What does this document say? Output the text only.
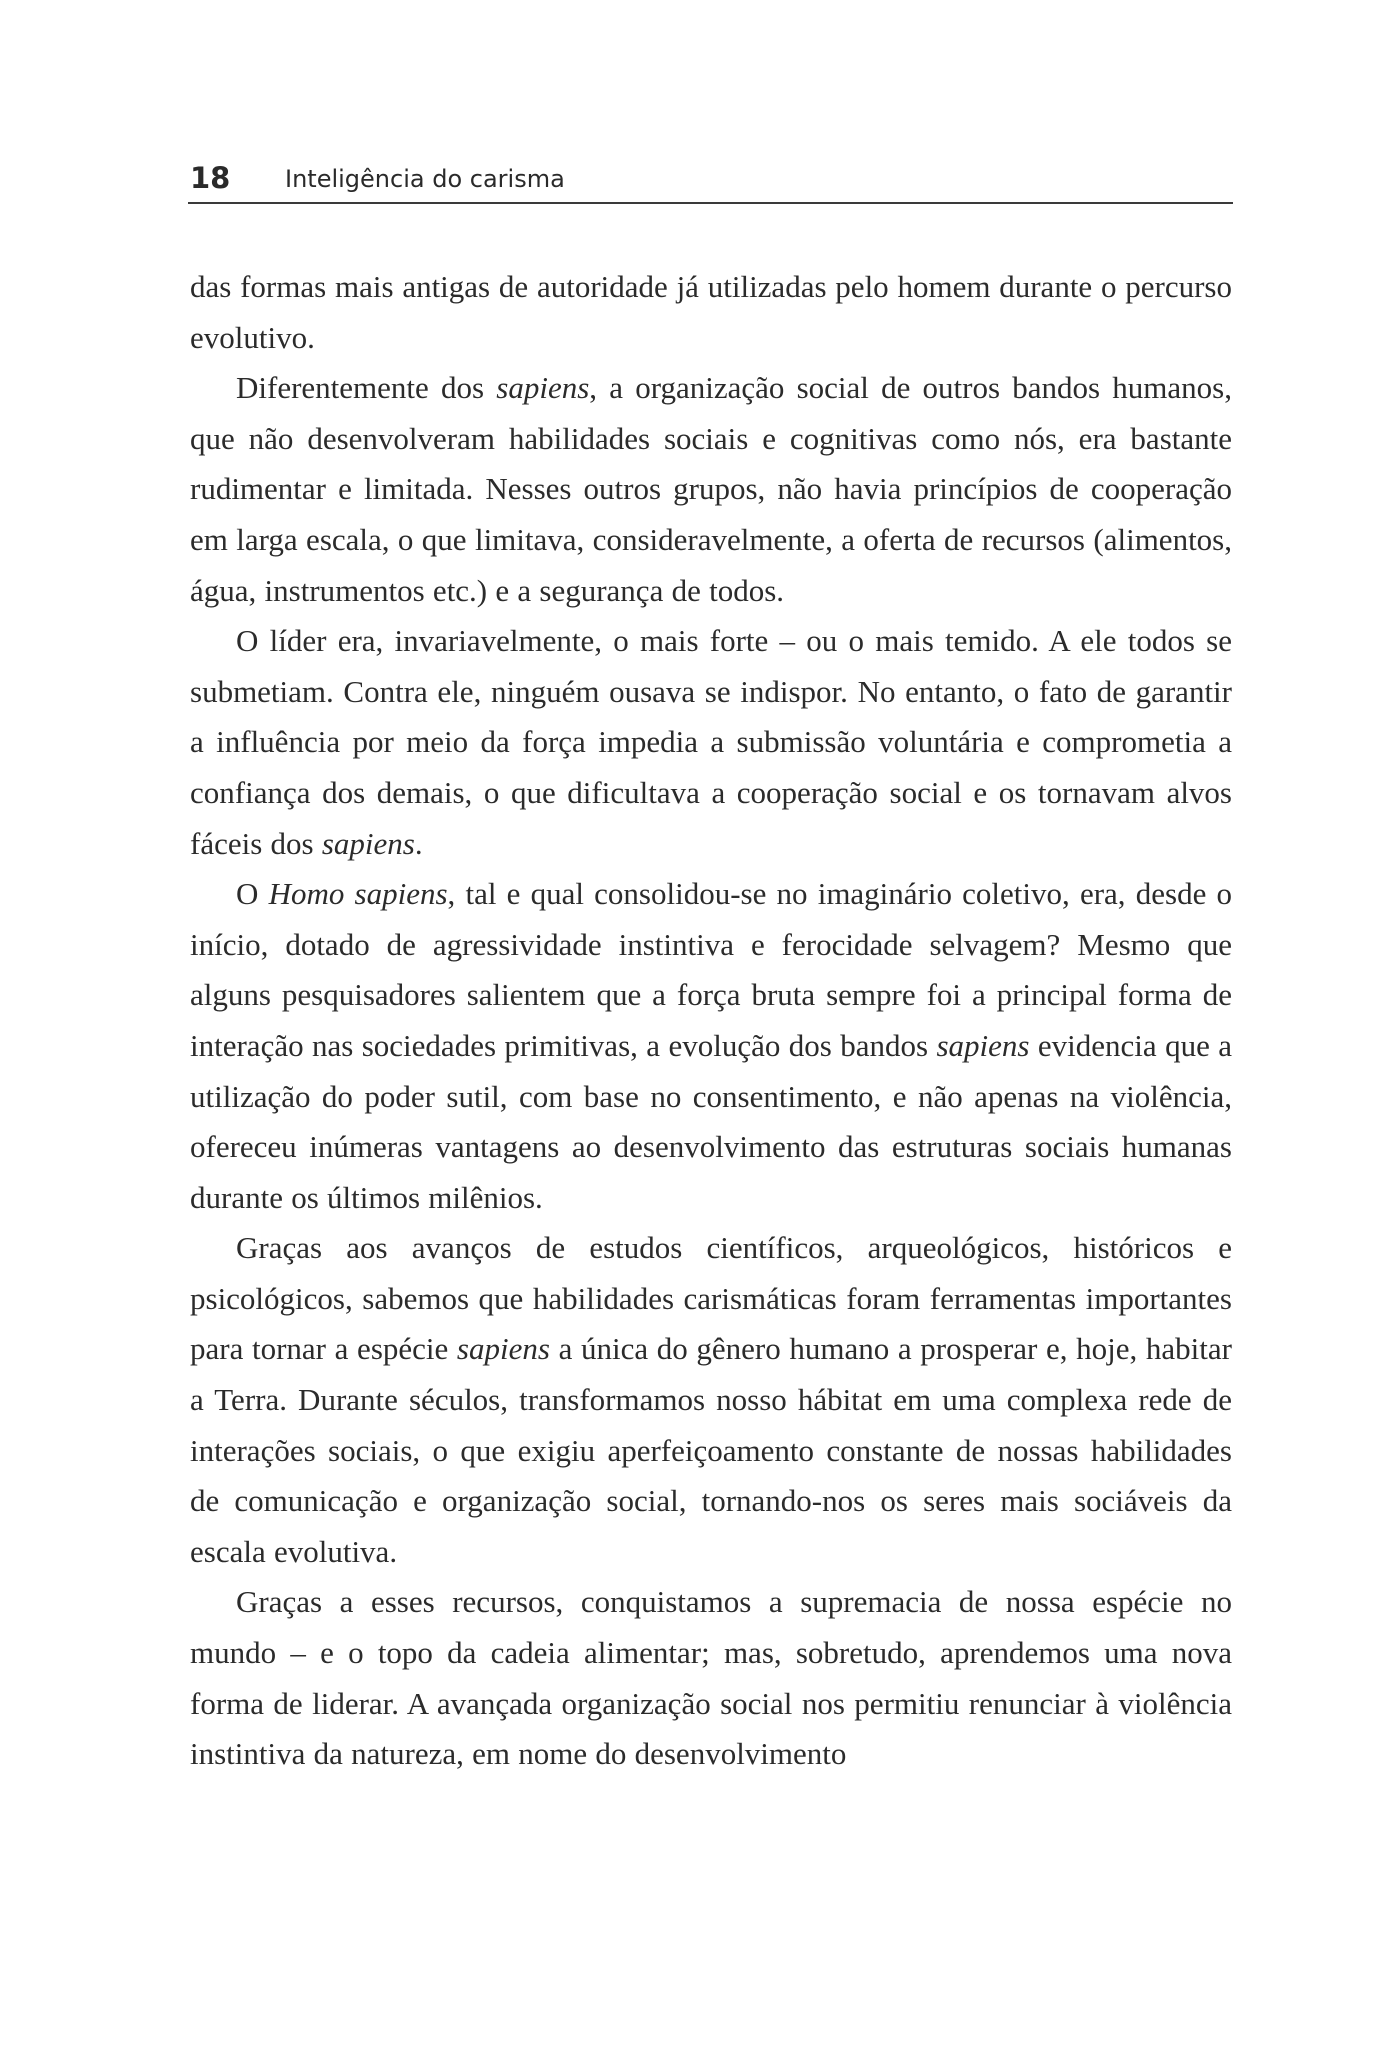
18 Inteligência do carisma

das formas mais antigas de autoridade já utilizadas pelo homem durante o percurso evolutivo.

Diferentemente dos sapiens, a organização social de outros bandos humanos, que não desenvolveram habilidades sociais e cognitivas como nós, era bastante rudimentar e limitada. Nesses outros grupos, não havia princípios de cooperação em larga escala, o que limitava, consideravelmente, a oferta de recursos (alimentos, água, instrumentos etc.) e a segurança de todos.

O líder era, invariavelmente, o mais forte – ou o mais temido. A ele todos se submetiam. Contra ele, ninguém ousava se indispor. No entanto, o fato de garantir a influência por meio da força impedia a submissão voluntária e comprometia a confiança dos demais, o que dificultava a cooperação social e os tornavam alvos fáceis dos sapiens.

O Homo sapiens, tal e qual consolidou-se no imaginário coletivo, era, desde o início, dotado de agressividade instintiva e ferocidade selvagem? Mesmo que alguns pesquisadores salientem que a força bruta sempre foi a principal forma de interação nas sociedades primitivas, a evolução dos bandos sapiens evidencia que a utilização do poder sutil, com base no consentimento, e não apenas na violência, ofereceu inúmeras vantagens ao desenvolvimento das estruturas sociais humanas durante os últimos milênios.

Graças aos avanços de estudos científicos, arqueológicos, históricos e psicológicos, sabemos que habilidades carismáticas foram ferramentas importantes para tornar a espécie sapiens a única do gênero humano a prosperar e, hoje, habitar a Terra. Durante séculos, transformamos nosso hábitat em uma complexa rede de interações sociais, o que exigiu aperfeiçoamento constante de nossas habilidades de comunicação e organização social, tornando-nos os seres mais sociáveis da escala evolutiva.

Graças a esses recursos, conquistamos a supremacia de nossa espécie no mundo – e o topo da cadeia alimentar; mas, sobretudo, aprendemos uma nova forma de liderar. A avançada organização social nos permitiu renunciar à violência instintiva da natureza, em nome do desenvolvimento
